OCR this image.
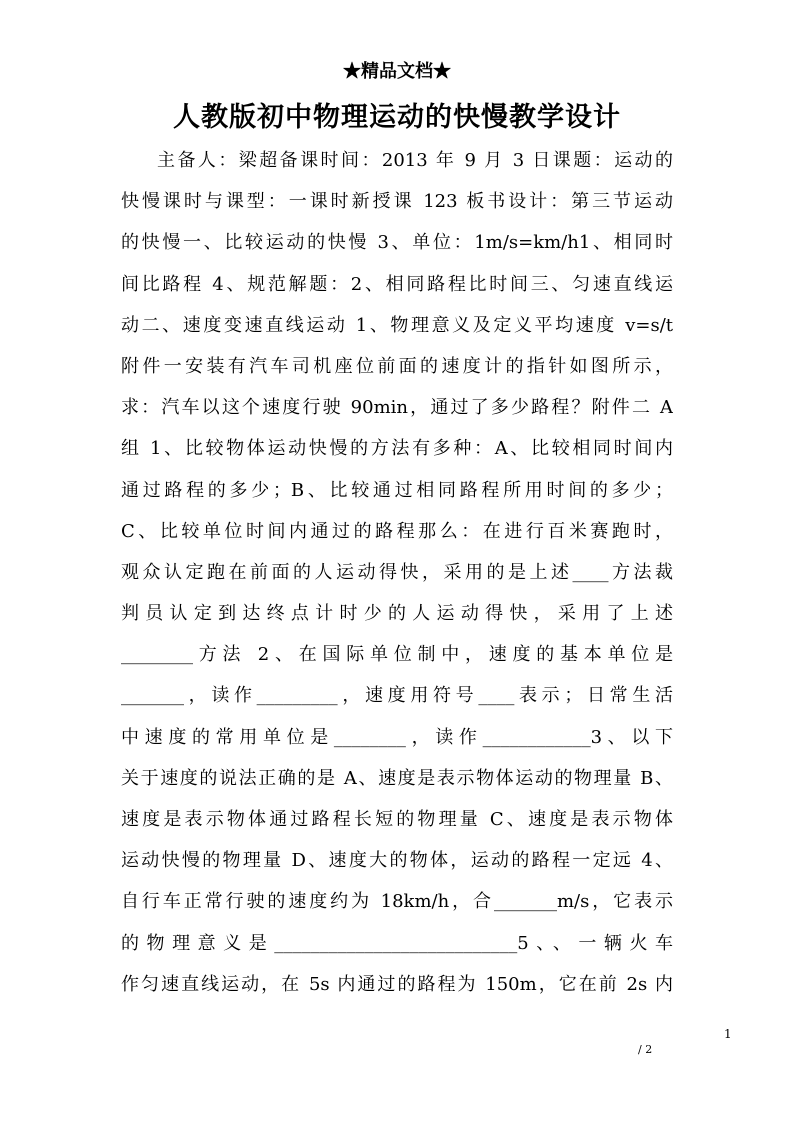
★精品文档★
人教版初中物理运动的快慢教学设计
主备人：梁超备课时间：2013 年 9 月 3 日课题：运动的
快慢课时与课型：一课时新授课 123 板书设计：第三节运动
的快慢一、比较运动的快慢 3、单位：1m/s=km/h1、相同时
间比路程 4、规范解题：2、相同路程比时间三、匀速直线运
动二、速度变速直线运动 1、物理意义及定义平均速度 v=s/t
附件一安装有汽车司机座位前面的速度计的指针如图所示，
求：汽车以这个速度行驶 90min，通过了多少路程？附件二 A
组 1、比较物体运动快慢的方法有多种：A、比较相同时间内
通过路程的多少；B、比较通过相同路程所用时间的多少；
C、比较单位时间内通过的路程那么：在进行百米赛跑时，
观众认定跑在前面的人运动得快，采用的是上述____方法裁
判员认定到达终点计时少的人运动得快，采用了上述
________方法 2、在国际单位制中，速度的基本单位是
_______，读作_________，速度用符号____表示；日常生活
中速度的常用单位是________，读作____________3、以下
关于速度的说法正确的是 A、速度是表示物体运动的物理量 B、
速度是表示物体通过路程长短的物理量 C、速度是表示物体
运动快慢的物理量 D、速度大的物体，运动的路程一定远 4、
自行车正常行驶的速度约为 18km/h，合_______m/s，它表示
的物理意义是___________________________5、、一辆火车
作匀速直线运动，在 5s 内通过的路程为 150m，它在前 2s 内
1
/ 2
